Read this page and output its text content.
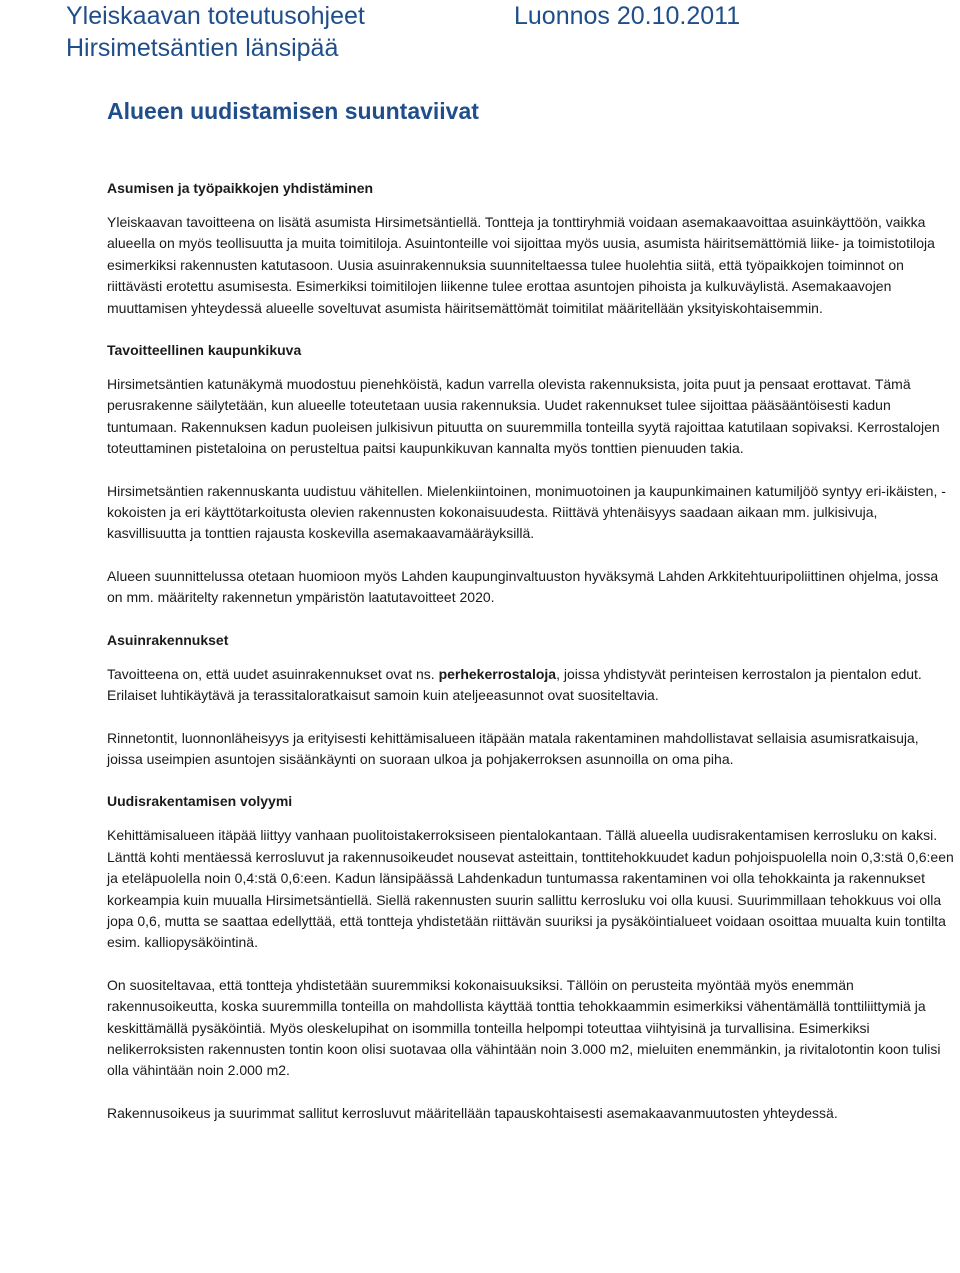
Yleiskaavan toteutusohjeet	Luonnos 20.10.2011
Hirsimetsäntien länsipää
Alueen uudistamisen suuntaviivat
Asumisen ja työpaikkojen yhdistäminen

Yleiskaavan tavoitteena on lisätä asumista Hirsimetsäntiellä. Tontteja ja tonttiryhmiä voidaan asemakaavoittaa asuinkäyttöön, vaikka alueella on myös teollisuutta ja muita toimitiloja. Asuintonteille voi sijoittaa myös uusia, asumista häiritsemättömiä liike- ja toimistotiloja esimerkiksi rakennusten katutasoon. Uusia asuinrakennuksia suunniteltaessa tulee huolehtia siitä, että työpaikkojen toiminnot on riittävästi erotettu asumisesta. Esimerkiksi toimitilojen liikenne tulee erottaa asuntojen pihoista ja kulkuväylistä. Asemakaavojen muuttamisen yhteydessä alueelle soveltuvat asumista häiritsemättömät toimitilat määritellään yksityiskohtaisemmin.

Tavoitteellinen kaupunkikuva

Hirsimetsäntien katunäkymä muodostuu pienehköistä, kadun varrella olevista rakennuksista, joita puut ja pensaat erottavat. Tämä perusrakenne säilytetään, kun alueelle toteutetaan uusia rakennuksia. Uudet rakennukset tulee sijoittaa pääsääntöisesti kadun tuntumaan. Rakennuksen kadun puoleisen julkisivun pituutta on suuremmilla tonteilla syytä rajoittaa katutilaan sopivaksi. Kerrostalojen toteuttaminen pistetaloina on perusteltua paitsi kaupunkikuvan kannalta myös tonttien pienuuden takia.

Hirsimetsäntien rakennuskanta uudistuu vähitellen. Mielenkiintoinen, monimuotoinen ja kaupunkimainen katumiljöö syntyy eri-ikäisten, -kokoisten ja eri käyttötarkoitusta olevien rakennusten kokonaisuudesta. Riittävä yhtenäisyys saadaan aikaan mm. julkisivuja, kasvillisuutta ja tonttien rajausta koskevilla asemakaavamääräyksillä.

Alueen suunnittelussa otetaan huomioon myös Lahden kaupunginvaltuuston hyväksymä Lahden Arkkitehtuuripoliittinen ohjelma, jossa on mm. määritelty rakennetun ympäristön laatutavoitteet 2020.

Asuinrakennukset

Tavoitteena on, että uudet asuinrakennukset ovat ns. perhekerrostaloja, joissa yhdistyvät perinteisen kerrostalon ja pientalon edut. Erilaiset luhtikäytävä ja terassitaloratkaisut samoin kuin ateljeeasunnot ovat suositeltavia.

Rinnetontit, luonnonläheisyys ja erityisesti kehittämisalueen itäpään matala rakentaminen mahdollistavat sellaisia asumisratkaisuja, joissa useimpien asuntojen sisäänkäynti on suoraan ulkoa ja pohjakerroksen asunnoilla on oma piha.

Uudisrakentamisen volyymi

Kehittämisalueen itäpää liittyy vanhaan puolitoistakerroksiseen pientalokantaan. Tällä alueella uudisrakentamisen kerrosluku on kaksi. Länttä kohti mentäessä kerrosluvut ja rakennusoikeudet nousevat asteittain, tonttitehokkuudet kadun pohjoispuolella noin 0,3:stä 0,6:een ja eteläpuolella noin 0,4:stä 0,6:een. Kadun länsipäässä Lahdenkadun tuntumassa rakentaminen voi olla tehokkainta ja rakennukset korkeampia kuin muualla Hirsimetsäntiellä. Siellä rakennusten suurin sallittu kerrosluku voi olla kuusi. Suurimmillaan tehokkuus voi olla jopa 0,6, mutta se saattaa edellyttää, että tontteja yhdistetään riittävän suuriksi ja pysäköintialueet voidaan osoittaa muualta kuin tontilta esim. kalliopysäköintinä.

On suositeltavaa, että tontteja yhdistetään suuremmiksi kokonaisuuksiksi. Tällöin on perusteita myöntää myös enemmän rakennusoikeutta, koska suuremmilla tonteilla on mahdollista käyttää tonttia tehokkaammin esimerkiksi vähentämällä tonttiliittymiä ja keskittämällä pysäköintiä. Myös oleskelupihat on isommilla tonteilla helpompi toteuttaa viihtyisinä ja turvallisina. Esimerkiksi nelikerroksisten rakennusten tontin koon olisi suotavaa olla vähintään noin 3.000 m2, mieluiten enemmänkin, ja rivitalotontin koon tulisi olla vähintään noin 2.000 m2.

Rakennusoikeus ja suurimmat sallitut kerrosluvut määritellään tapauskohtaisesti asemakaavanmuutosten yhteydessä.
